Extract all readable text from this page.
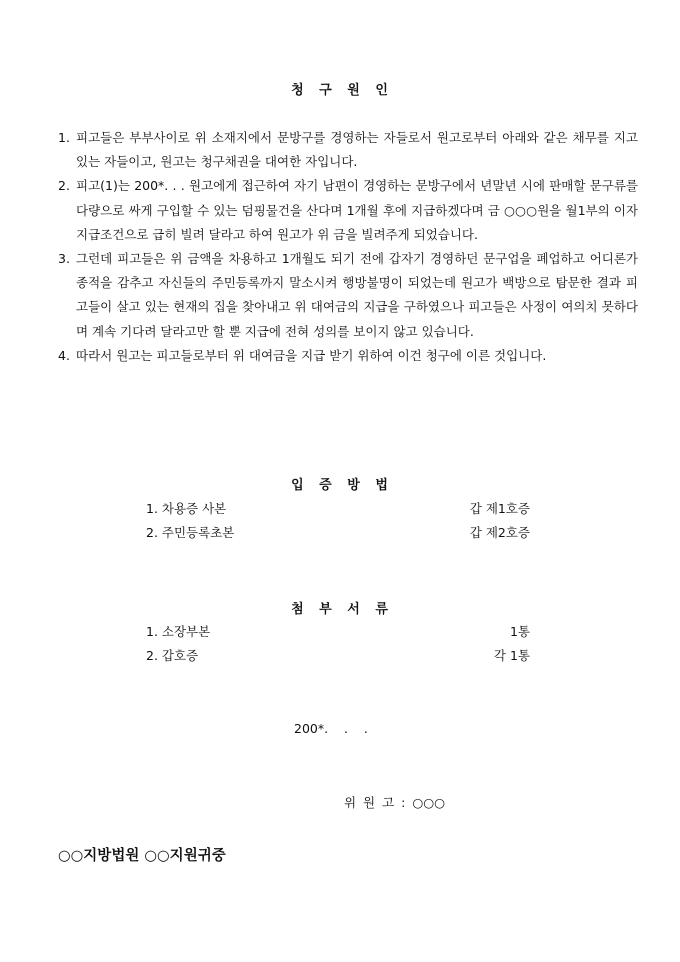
청 구 원 인
1. 피고들은 부부사이로 위 소재지에서 문방구를 경영하는 자들로서 원고로부터 아래와 같은 채무를 지고 있는 자들이고, 원고는 청구채권을 대여한 자입니다.
2. 피고(1)는 200*. . . 원고에게 접근하여 자기 남편이 경영하는 문방구에서 년말년 시에 판매할 문구류를 다량으로 싸게 구입할 수 있는 덤핑물건을 산다며 1개월 후에 지급하겠다며 금 ○○○원을 월1부의 이자지급조건으로 급히 빌려 달라고 하여 원고가 위 금을 빌려주게 되었습니다.
3. 그런데 피고들은 위 금액을 차용하고 1개월도 되기 전에 갑자기 경영하던 문구업을 폐업하고 어디론가 종적을 감추고 자신들의 주민등록까지 말소시켜 행방불명이 되었는데 원고가 백방으로 탐문한 결과 피고들이 살고 있는 현재의 집을 찾아내고 위 대여금의 지급을 구하였으나 피고들은 사정이 여의치 못하다며 계속 기다려 달라고만 할 뿐 지급에 전혀 성의를 보이지 않고 있습니다.
4. 따라서 원고는 피고들로부터 위 대여금을 지급 받기 위하여 이건 청구에 이른 것입니다.
입 증 방 법
1. 차용증 사본	갑 제1호증
2. 주민등록초본	갑 제2호증
첨 부 서 류
1. 소장부본	1통
2. 갑호증	각 1통
200*.    .    .
위 원 고 : ○○○
○○지방법원 ○○지원귀중
